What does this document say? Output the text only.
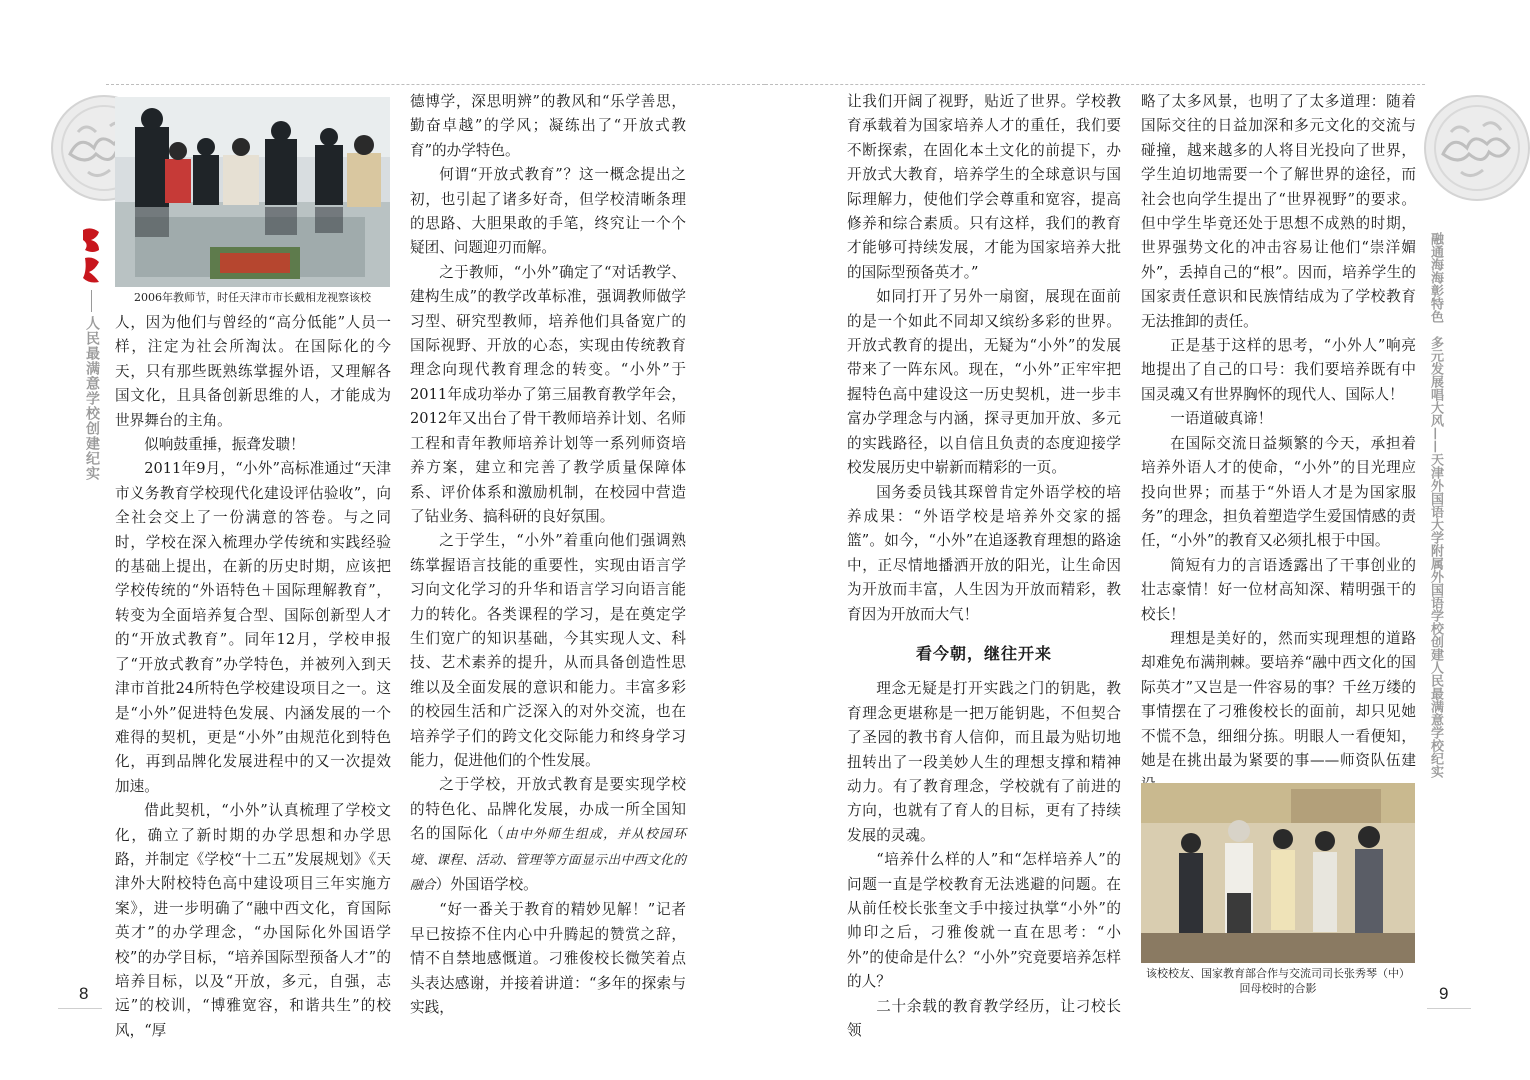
人民最满意学校创建纪实
8
2006年教师节，时任天津市市长戴相龙视察该校

人，因为他们与曾经的“高分低能”人员一样，注定为社会所淘汰。在国际化的今天，只有那些既熟练掌握外语，又理解各国文化，且具备创新思维的人，才能成为世界舞台的主角。

似响鼓重捶，振聋发聩！

2011年9月，“小外”高标准通过“天津市义务教育学校现代化建设评估验收”，向全社会交上了一份满意的答卷。与之同时，学校在深入梳理办学传统和实践经验的基础上提出，在新的历史时期，应该把学校传统的“外语特色＋国际理解教育”，转变为全面培养复合型、国际创新型人才的“开放式教育”。同年12月，学校申报了“开放式教育”办学特色，并被列入到天津市首批24所特色学校建设项目之一。这是“小外”促进特色发展、内涵发展的一个难得的契机，更是“小外”由规范化到特色化，再到品牌化发展进程中的又一次提效加速。

借此契机，“小外”认真梳理了学校文化，确立了新时期的办学思想和办学思路，并制定《学校“十二五”发展规划》《天津外大附校特色高中建设项目三年实施方案》，进一步明确了“融中西文化，育国际英才”的办学理念，“办国际化外国语学校”的办学目标，“培养国际型预备人才”的培养目标，以及“开放，多元，自强，志远”的校训，“博雅宽容，和谐共生”的校风，“厚

德博学，深思明辨”的教风和“乐学善思，勤奋卓越”的学风；凝练出了“开放式教育”的办学特色。

何谓“开放式教育”？这一概念提出之初，也引起了诸多好奇，但学校清晰条理的思路、大胆果敢的手笔，终究让一个个疑团、问题迎刃而解。

之于教师，“小外”确定了“对话教学、建构生成”的教学改革标准，强调教师做学习型、研究型教师，培养他们具备宽广的国际视野、开放的心态，实现由传统教育理念向现代教育理念的转变。“小外”于2011年成功举办了第三届教育教学年会，2012年又出台了骨干教师培养计划、名师工程和青年教师培养计划等一系列师资培养方案，建立和完善了教学质量保障体系、评价体系和激励机制，在校园中营造了钻业务、搞科研的良好氛围。

之于学生，“小外”着重向他们强调熟练掌握语言技能的重要性，实现由语言学习向文化学习的升华和语言学习向语言能力的转化。各类课程的学习，是在奠定学生们宽广的知识基础，今其实现人文、科技、艺术素养的提升，从而具备创造性思维以及全面发展的意识和能力。丰富多彩的校园生活和广泛深入的对外交流，也在培养学子们的跨文化交际能力和终身学习能力，促进他们的个性发展。

之于学校，开放式教育是要实现学校的特色化、品牌化发展，办成一所全国知名的国际化（由中外师生组成，并从校园环境、课程、活动、管理等方面显示出中西文化的融合）外国语学校。

“好一番关于教育的精妙见解！”记者早已按捺不住内心中升腾起的赞赏之辞，情不自禁地感慨道。刁雅俊校长微笑着点头表达感谢，并接着讲道：“多年的探索与实践，

融通海海彰特色　多元发展唱大风——天津外国语大学附属外国语学校创建人民最满意学校纪实
9

让我们开阔了视野，贴近了世界。学校教育承载着为国家培养人才的重任，我们要不断探索，在固化本土文化的前提下，办开放式大教育，培养学生的全球意识与国际理解力，使他们学会尊重和宽容，提高修养和综合素质。只有这样，我们的教育才能够可持续发展，才能为国家培养大批的国际型预备英才。”

如同打开了另外一扇窗，展现在面前的是一个如此不同却又缤纷多彩的世界。开放式教育的提出，无疑为“小外”的发展带来了一阵东风。现在，“小外”正牢牢把握特色高中建设这一历史契机，进一步丰富办学理念与内涵，探寻更加开放、多元的实践路径，以自信且负责的态度迎接学校发展历史中崭新而精彩的一页。

国务委员钱其琛曾肯定外语学校的培养成果：“外语学校是培养外交家的摇篮”。如今，“小外”在追逐教育理想的路途中，正尽情地播洒开放的阳光，让生命因为开放而丰富，人生因为开放而精彩，教育因为开放而大气！

看今朝，继往开来

理念无疑是打开实践之门的钥匙，教育理念更堪称是一把万能钥匙，不但契合了圣园的教书育人信仰，而且最为贴切地扭转出了一段美妙人生的理想支撑和精神动力。有了教育理念，学校就有了前进的方向，也就有了育人的目标，更有了持续发展的灵魂。

“培养什么样的人”和“怎样培养人”的问题一直是学校教育无法逃避的问题。在从前任校长张奎文手中接过执掌“小外”的帅印之后，刁雅俊就一直在思考：“小外”的使命是什么？“小外”究竟要培养怎样的人？

二十余载的教育教学经历，让刁校长领

略了太多风景，也明了了太多道理：随着国际交往的日益加深和多元文化的交流与碰撞，越来越多的人将目光投向了世界，学生迫切地需要一个了解世界的途径，而社会也向学生提出了“世界视野”的要求。但中学生毕竟还处于思想不成熟的时期，世界强势文化的冲击容易让他们“崇洋媚外”，丢掉自己的“根”。因而，培养学生的国家责任意识和民族情结成为了学校教育无法推卸的责任。

正是基于这样的思考，“小外人”响亮地提出了自己的口号：我们要培养既有中国灵魂又有世界胸怀的现代人、国际人！

一语道破真谛！

在国际交流日益频繁的今天，承担着培养外语人才的使命，“小外”的目光理应投向世界；而基于“外语人才是为国家服务”的理念，担负着塑造学生爱国情感的责任，“小外”的教育又必须扎根于中国。

简短有力的言语透露出了干事创业的壮志豪情！好一位材高知深、精明强干的校长！

理想是美好的，然而实现理想的道路却难免布满荆棘。要培养“融中西文化的国际英才”又岂是一件容易的事？千丝万缕的事情摆在了刁雅俊校长的面前，却只见她不慌不急，细细分拣。明眼人一看便知，她是在挑出最为紧要的事——师资队伍建

该校校友、国家教育部合作与交流司司长张秀琴（中）回母校时的合影
